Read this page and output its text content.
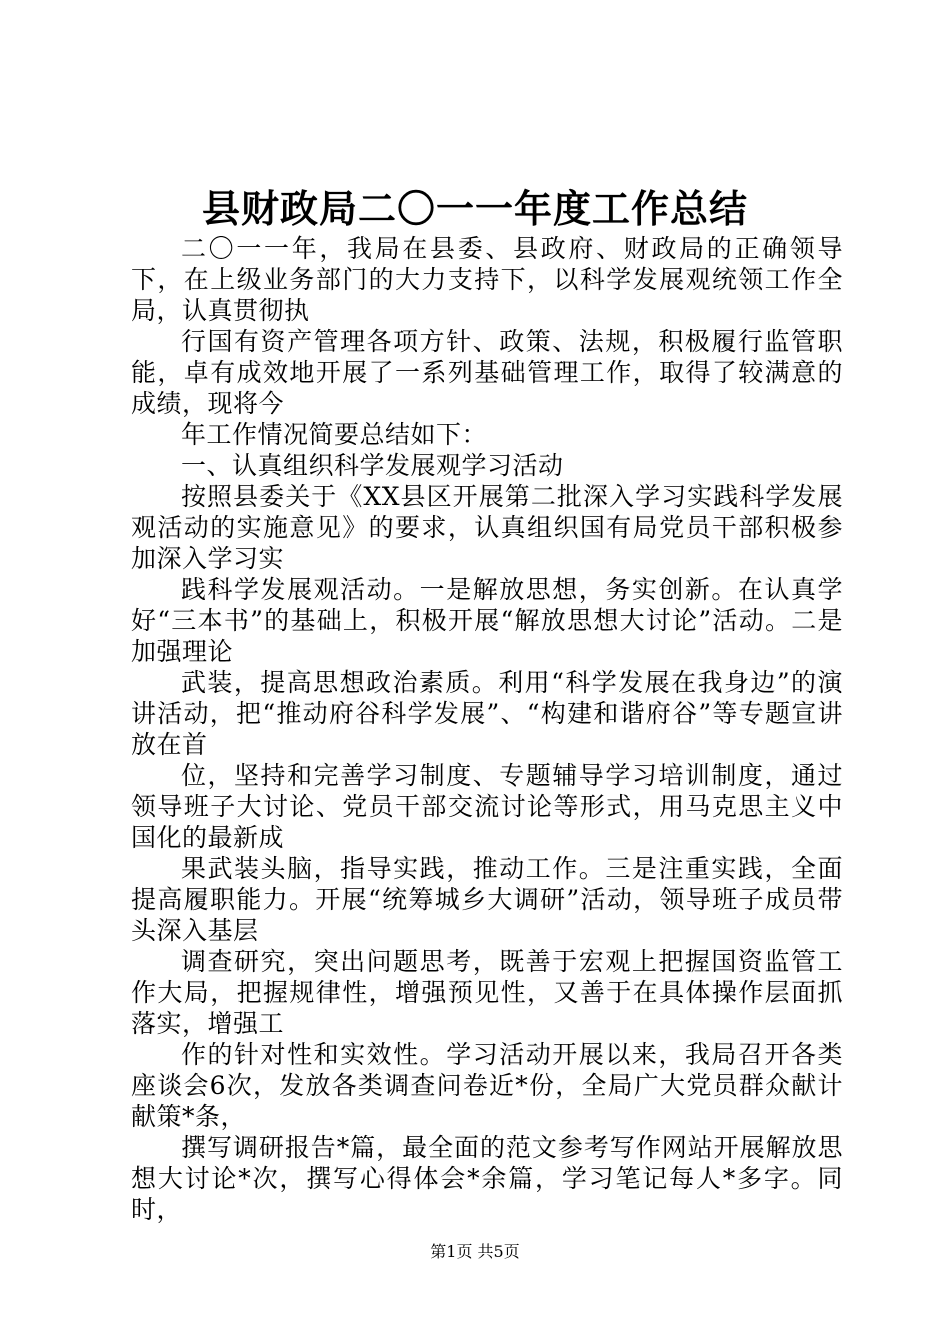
县财政局二〇一一年度工作总结

二〇一一年，我局在县委、县政府、财政局的正确领导下，在上级业务部门的大力支持下，以科学发展观统领工作全局，认真贯彻执

行国有资产管理各项方针、政策、法规，积极履行监管职能，卓有成效地开展了一系列基础管理工作，取得了较满意的成绩，现将今

年工作情况简要总结如下：

一、认真组织科学发展观学习活动

按照县委关于《XX县区开展第二批深入学习实践科学发展观活动的实施意见》的要求，认真组织国有局党员干部积极参加深入学习实

践科学发展观活动。一是解放思想，务实创新。在认真学好“三本书”的基础上，积极开展“解放思想大讨论”活动。二是加强理论

武装，提高思想政治素质。利用“科学发展在我身边”的演讲活动，把“推动府谷科学发展”、“构建和谐府谷”等专题宣讲放在首

位，坚持和完善学习制度、专题辅导学习培训制度，通过领导班子大讨论、党员干部交流讨论等形式，用马克思主义中国化的最新成

果武装头脑，指导实践，推动工作。三是注重实践，全面提高履职能力。开展“统筹城乡大调研”活动，领导班子成员带头深入基层

调查研究，突出问题思考，既善于宏观上把握国资监管工作大局，把握规律性，增强预见性，又善于在具体操作层面抓落实，增强工

作的针对性和实效性。学习活动开展以来，我局召开各类座谈会6次，发放各类调查问卷近*份，全局广大党员群众献计献策*条，

撰写调研报告*篇，最全面的范文参考写作网站开展解放思想大讨论*次，撰写心得体会*余篇，学习笔记每人*多字。同时，

第1页 共5页
